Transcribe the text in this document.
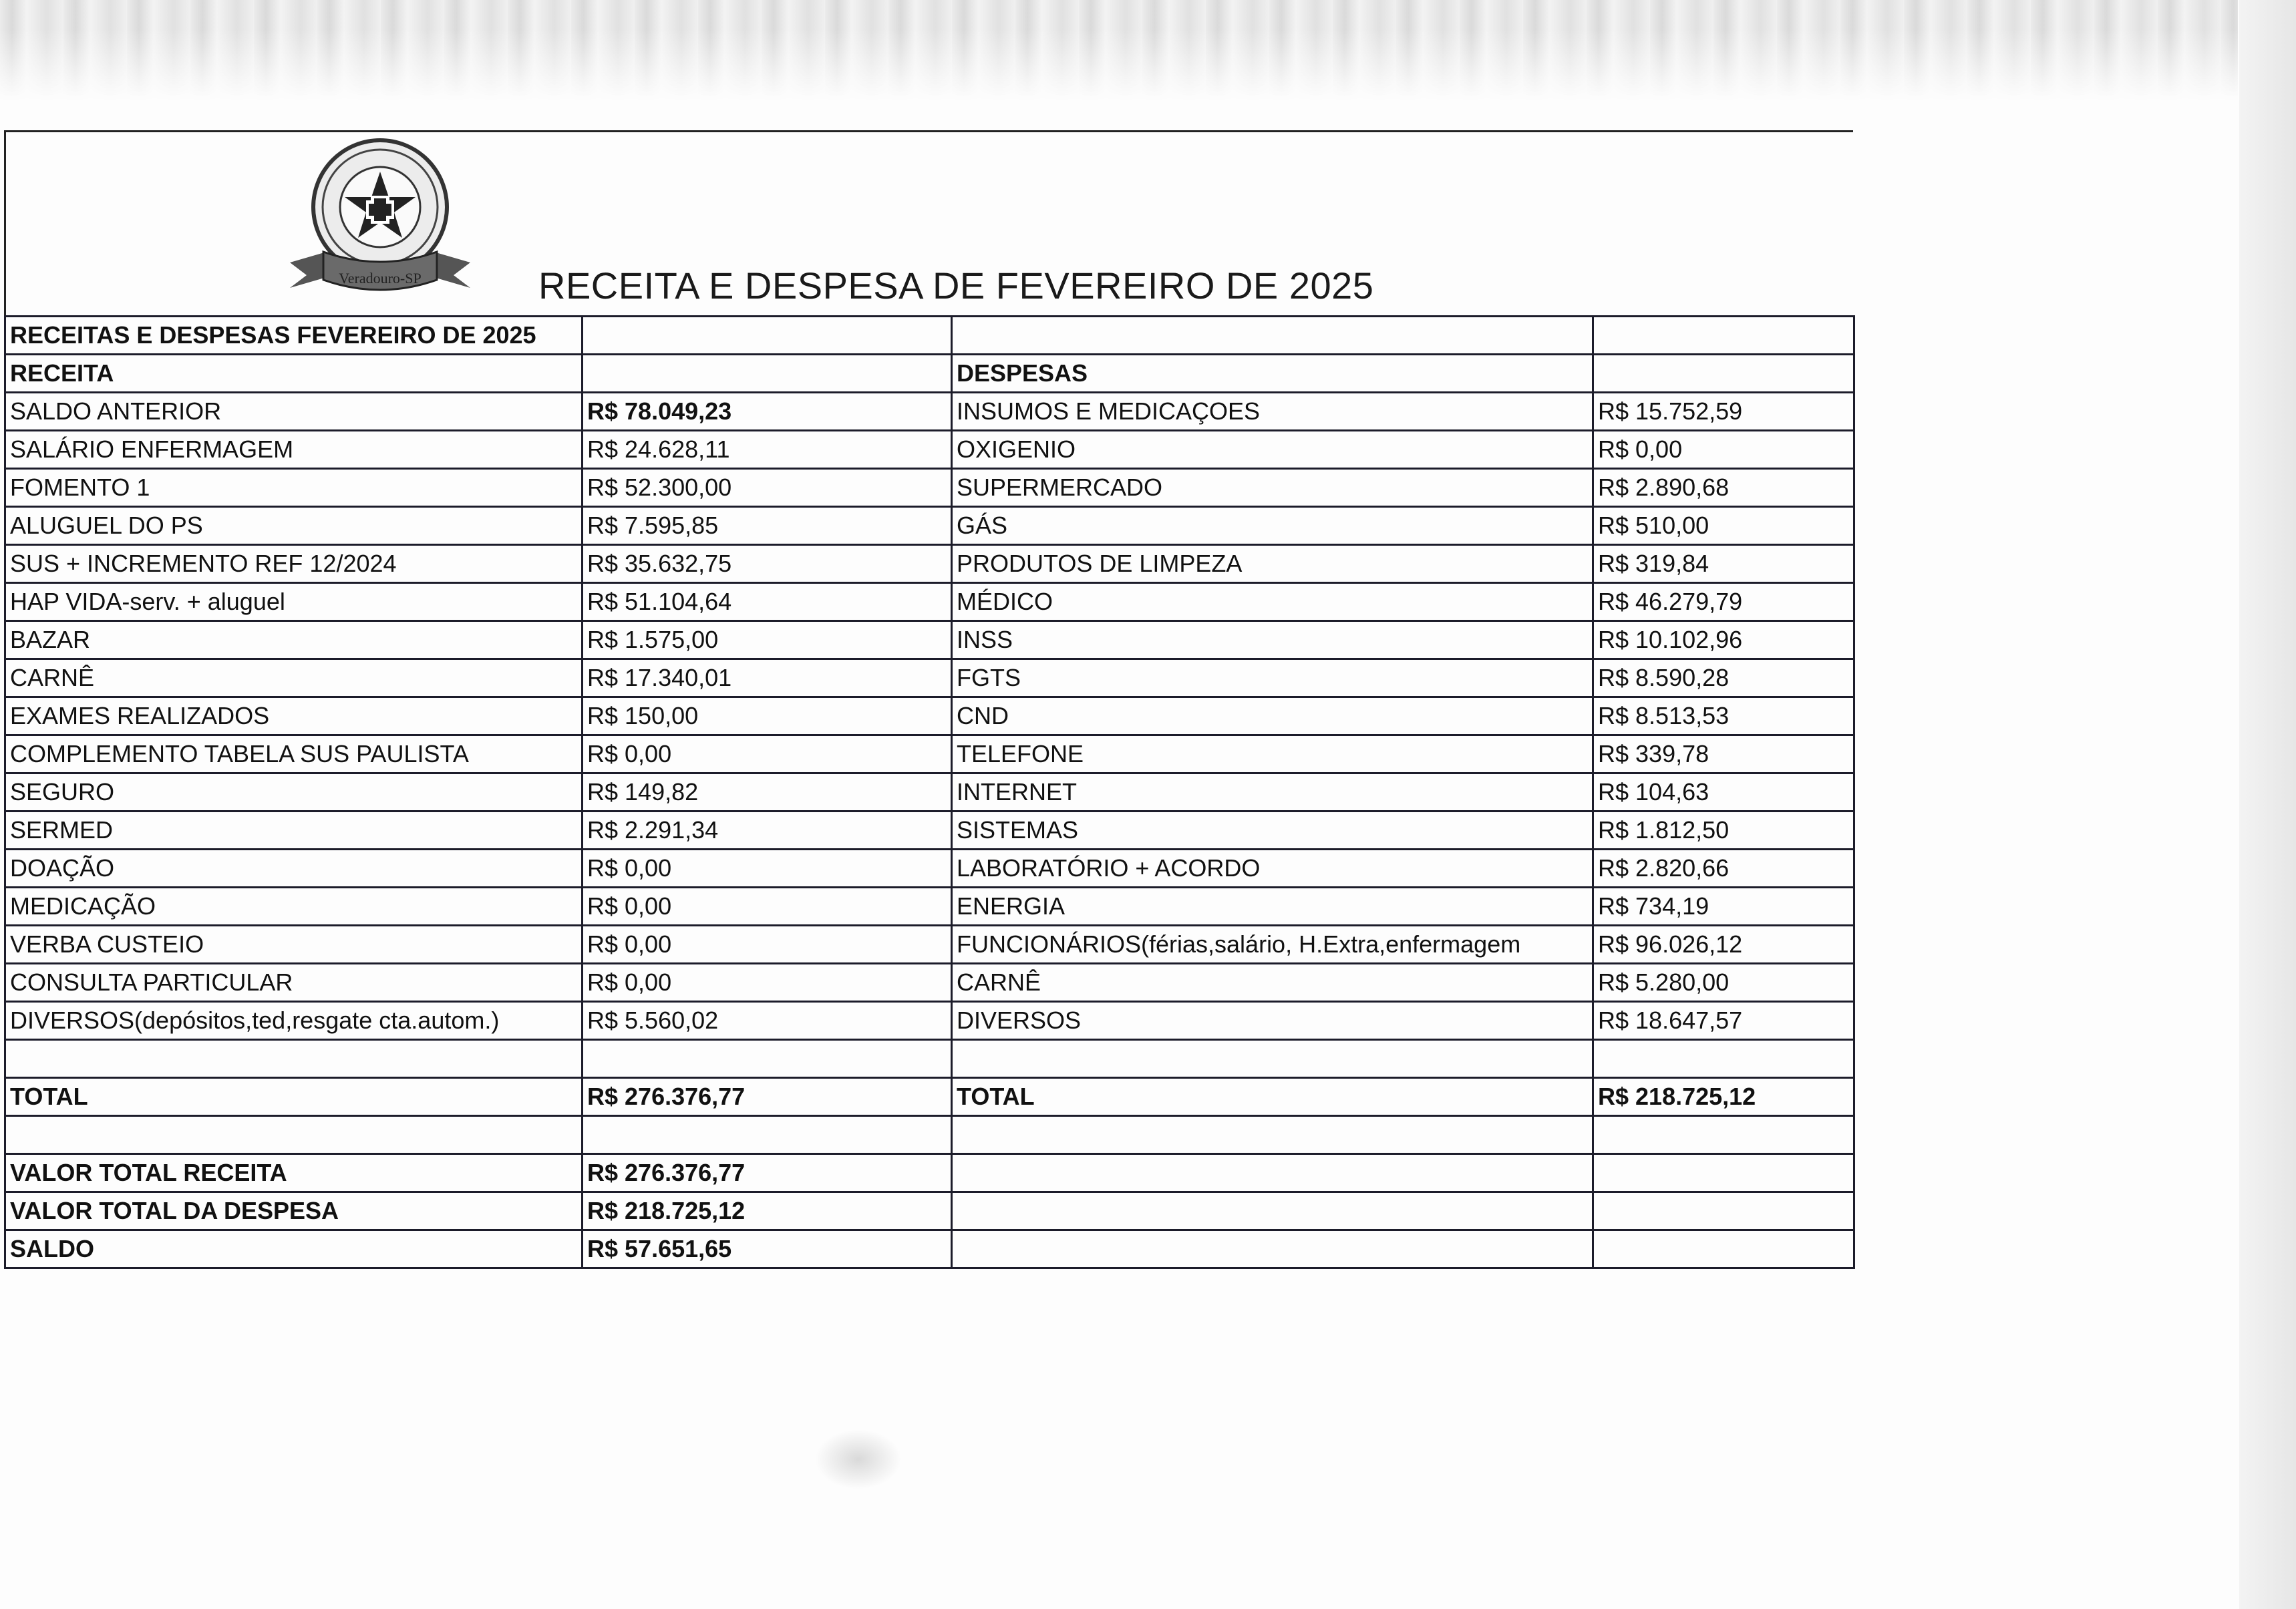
Veradouro-SP	RECEITA E DESPESA DE FEVEREIRO DE 2025
RECEITAS E DESPESAS FEVEREIRO DE 2025			
RECEITA		DESPESAS	
SALDO ANTERIOR	R$ 78.049,23	INSUMOS E MEDICAÇOES	R$ 15.752,59
SALÁRIO ENFERMAGEM	R$ 24.628,11	OXIGENIO	R$ 0,00
FOMENTO 1	R$ 52.300,00	SUPERMERCADO	R$ 2.890,68
ALUGUEL DO PS	R$ 7.595,85	GÁS	R$ 510,00
SUS + INCREMENTO REF 12/2024	R$ 35.632,75	PRODUTOS DE LIMPEZA	R$ 319,84
HAP VIDA-serv. + aluguel	R$ 51.104,64	MÉDICO	R$ 46.279,79
BAZAR	R$ 1.575,00	INSS	R$ 10.102,96
CARNÊ	R$ 17.340,01	FGTS	R$ 8.590,28
EXAMES REALIZADOS	R$ 150,00	CND	R$ 8.513,53
COMPLEMENTO TABELA SUS PAULISTA	R$ 0,00	TELEFONE	R$ 339,78
SEGURO	R$ 149,82	INTERNET	R$ 104,63
SERMED	R$ 2.291,34	SISTEMAS	R$ 1.812,50
DOAÇÃO	R$ 0,00	LABORATÓRIO + ACORDO	R$ 2.820,66
MEDICAÇÃO	R$ 0,00	ENERGIA	R$ 734,19
VERBA CUSTEIO	R$ 0,00	FUNCIONÁRIOS(férias,salário, H.Extra,enfermagem	R$ 96.026,12
CONSULTA PARTICULAR	R$ 0,00	CARNÊ	R$ 5.280,00
DIVERSOS(depósitos,ted,resgate cta.autom.)	R$ 5.560,02	DIVERSOS	R$ 18.647,57

TOTAL	R$ 276.376,77	TOTAL	R$ 218.725,12

VALOR TOTAL RECEITA	R$ 276.376,77		
VALOR TOTAL DA DESPESA	R$ 218.725,12		
SALDO	R$ 57.651,65		
